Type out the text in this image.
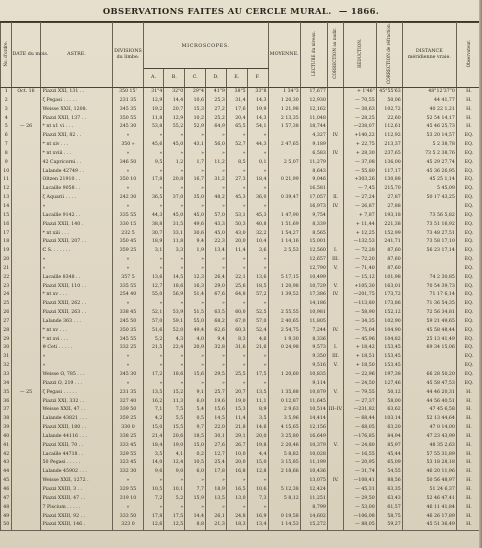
OBSERVATIONS FAITES AU CERCLE MURAL. — 1866.
No. d'ordre.	DATE du mois.	ASTRE.	DIVISIONS du limbe.	MICROSCOPES.						MOYENNE.	LECTURE du niveau.	CORRECTION au nadir.	RÉDUCTION.	CORRECTION de réfraction.	DISTANCE méridienne vraie.	Observateur.
				A.	B.	C.	D.	E.	F.							
1	Oct. 16	Piazzi XXI, 131 . .	350 15'	31"4	32"0	29"4	41"9	38"5	33"8	1 34"3	17,677		+ 1'46"	45°55'63	48°12'37"0	H.
2		ζ Pegasi . . . . .	231 35	12,9	14,4	10,6	25,3	31,4	14,3	1 20,30	12,930		— 70,55	50,06	44 41,77	H.
3		Weisse XXII, 1208.	345 35	19,2	20,7	15,3	27,2	17,6	19,9	1 21,98	12,162		— 38,63	102,72	40 22 1,21	H.
4		Piazzi XXII, 137 . .	350 55	11,8	12,9	10,2	25,2	20,4	14,3	2 13,35	11,048		— 28,25	22,60	52 54 14,17	H.
5	— 26	* nt x1 vi . . .	245 30	53,8	55,2	52,9	64,9	65,5	54,1	1 57,38	18,744		—238,07	112,61	45 46 25,73	H.
6		Piazzi XXI, 82 . .	»	»	»	»	»	»	»		4,327	IV.	+140,22	112,92	53 20 14,57	EQ.
7		* nt xiv . . .	350 »	45,6	45,0	43,1	56,0	52,7	44,3	2 47,65	9,189		+ 22,75	213,37	5 2 38,78	EQ.
8		* nt xviii . . .	»	»	»	»	»	»	»		6,583	IV.	+ 28,30	237,65	73 5 2 38,76	EQ.
9		42 Capricorni . .	346 50	9,5	1,2	1,7	11,2	8,5	0,1	2 5,07	11,279		— 37,08	136,00	45 29 27,74	EQ.
10		Lalande 42749 . .	»	»	»	»	»	»	»		8,643		— 55,80	117,17	45 36 26,95	EQ.
11		Oltzen 21910 . .	350 10	17,8	20,8	16,7	31,2	27,3	18,4	0 21,99	9,046		+303,26	130,88	45 25 1,14	EQ.
12		Lacaille 9058 . .	»	»	»	»	»	»	»		16,581		— 7,45	215,70	5 45,09	EQ.
13		ζ Aquarii . . . .	242 30	36,5	37,0	35,0	48,2	45,3	36,0	0 39,47	17,057	II.	— 27,24	27,87	50 17 43,25	EQ.
14		»	»	»	»	»	»	»	»		16,973	IV.	— 26,87	27,88		EQ.
15		Lacaille 9142 . .	335 55	44,3	45,0	45,0	57,0	53,1	45,3	1 47,90	9,754		+ 7,87	193,18	73 56 5,82	EQ.
16		Piazzi XXII, 140 .	330 15	38,8	31,5	49,6	43,3	50,3	40,8	1 51,69	8,339		+ 11,44	221,38	73 51 16,92	EQ.
17		* nt xiii . . .	232 5	30,7	33,1	30,6	45,0	43,0	32,2	1 54,27	8,565		+ 12,25	152,99	73 48 27,51	EQ.
18		Piazzi XXII, 207 . .	350 45	18,9	11,8	9,4	22,3	20,0	10,4	1 14,16	15,001		—132,53	241,71	73 58 17,10	EQ.
19		ℂ S. . . . . . .	359 25	3,1	3,3	1,9	13,4	11,4	3,6	2 5,53	12,560	I.	— 72,28	87,60	56 23 17,14	EQ.
20		»	»	»	»	»	»	»	»		12,657	III.	— 72,20	87,60		EQ.
21		»	»	»	»	»	»	»	»		12,790	V.	— 71,40	87,60		EQ.
22		Lacaille 8348 . .	357 5	13,6	14,5	12,3	26,4	22,1	13,6	5 17,15	10,499		— 15,12	101,98	74 2 30,85	EQ.
23		Piazzi XXII, 110 . .	335 55	12,7	18,6	16,3	29,0	25,6	18,5	1 20,98	10,729	V.	+105,30	163,01	70 54 39,73	EQ.
24		* nt xv . . .	254 40	55,0	56,9	51,4	67,6	64,8	57,2	1 39,52	17,386	IV.	—201,75	173,72	71 17 6,14	EQ.
25		Piazzi XXII, 262 . .	»	»	»	»	»	»	»		14,186		—113,80	173,86	71 36 54,35	EQ.
26		Piazzi XXII, 263 . .	338 45	52,1	53,9	51,5	63,5	60,0	52,5	2 55,55	10,981		— 58,90	152,12	72 56 34,81	EQ.
27		Lalande 363 . . .	245 50	57,0	59,1	55,0	68,2	67,0	57,0	2 40,65	11,805		— 34,35	102,90	59 21 49,65	EQ.
28		* nt xv . . .	350 35	51,6	52,0	49,4	62,6	60,3	52,4	2 54,75	7,244	IV.	— 75,04	104,90	45 58 48,44	EQ.
29		* nt xvi . . .	345 55	5,2	4,3	4,0	9,4	8,3	4,6	1 9,30	8,336		— 45,96	104,82	25 13 41,49	EQ.
30		ϑ Ceti . . . . .	332 25	21,5	22,4	20,9	32,8	31,6	21,6	0 24,98	9,573	I.	+ 18,42	153,45	69 34 15,06	EQ.
31		»	»	»	»	»	»	»	»		9,350	III.	+ 18,51	153,45		EQ.
32		»	»	»	»	»	»	»	»		9,516	V.	+ 18,50	153,45		EQ.
33		Weisse O, 785 . . .	345 30	17,2	18,6	15,6	29,5	25,5	17,5	1 20,60	10,835		— 22,96	197,38	66 28 50,20	EQ.
34		Piazzi O, 219 . . .	»	»	»	»	»	»	»		9,114		— 24,50	127,46	45 58 47,53	EQ.
35	— 25	ζ Pegasi . . . . .	231 35	13,5	15,2	9,1	25,7	20,7	13,5	1 35,88	10,879	V.	— 79,55	50,12	44 46 20,31	H.
36		Piazzi XXI, 332 . .	327 40	16,2	11,3	6,0	19,6	19,0	11,1	0 12,87	11,645		— 27,37	58,00	44 56 40,51	H.
37		Weisse XXII, 47 . .	339 50	7,1	7,5	5,4	15,6	15,3	8,9	2 9,63	10,514	III–IV.	—231,82	63,62	47 45 6,58	H.
38		Lalande 43821 . . .	359 25	4,2	5,5	0,5	14,5	11,4	3,5	3 5,96	14,414		— 68,44	103,14	52 13 44,64	H.
39		Piazzi XXII, 180 . .	330 0	15,0	15,5	9,7	22,0	21,8	14,6	4 15,65	12,156		— 68,05	63,20	47 0 14,00	H.
40		Lalande 44116 . . .	338 25	21,4	20,6	18,5	30,1	29,1	20,0	3 25,80	16,649		—176,85	84,94	47 23 43,99	H.
41		Piazzi XXII, 70 . .	333 45	18,4	19,0	15,0	27,6	26,7	19,8	2 20,46	10,379	V.	— 24,80	85,97	48 35 2,63	H.
42		Lacaille 44718 . .	329 55	3,5	4,1	0,2	12,7	10,0	4,4	5 8,82	10,028		— 16,55	45,44	57 55 31,89	H.
43		50 Pegasi . . . . .	323 45	14,0	12,4	10,5	25,4	20,0	15,0	3 15,85	11,199		— 20,95	65,09	53 18 28,18	H.
44		Lalande 45902 . . .	332 30	9,6	9,0	6,0	17,8	16,8	12,8	2 18,66	10,436		— 31,74	54,55	46 20 11,96	H.
45		Weisse XXII, 1272 .	»	»	»	»	»	»	»		13,075	IV.	—108,41	88,56	50 56 48,97	H.
46		Piazzi XXIII, 3 . .	329 55	10,5	10,1	7,7	18,9	16,5	10,6	5 12,38	12,424		— 45,31	63,35	51 24 6,37	H.
47		Piazzi XXIII, 47 . .	319 10	7,2	5,2	15,9	13,5	13,0	7,3	5 8,12	11,251		— 29,50	63,43	52 46 47,41	H.
48		7 Piscium . . . . .	»	»	»	»	»	»	»		8,799		— 53,00	61,57	46 11 41,84	H.
49		Piazzi XXIII, 92 . .	333 50	17,8	17,5	14,4	26,1	24,8	16,9	0 19,58	14,602		—106,08	58,75	46 26 17,89	H.
50		Piazzi XXIII, 146 .	323 0	12,6	12,5	8,8	21,3	18,3	13,4	1 14,53	15,272		— 88,05	59,27	45 51 36,49	H.
